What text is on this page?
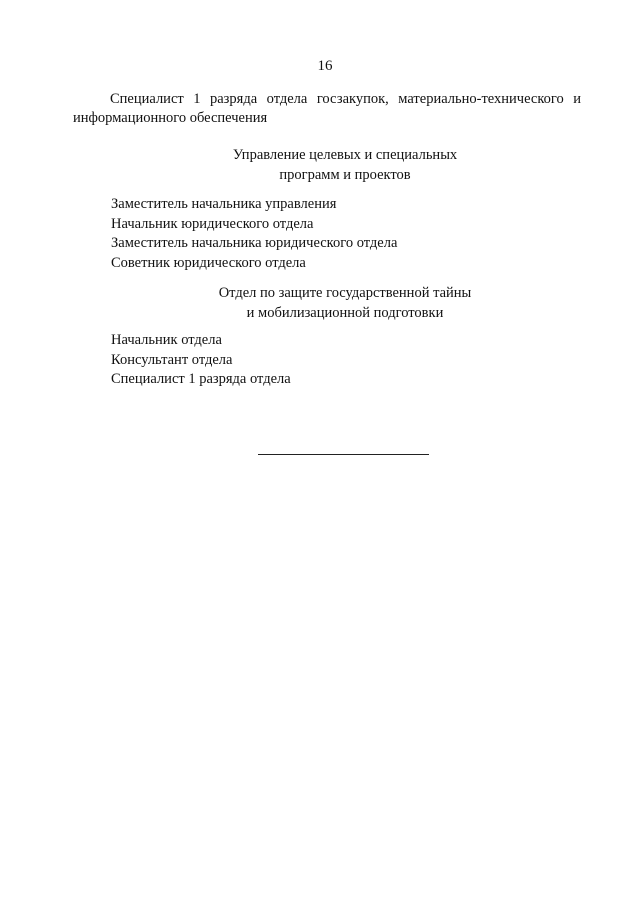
16
Специалист 1 разряда отдела госзакупок, материально-технического и
информационного обеспечения
Управление целевых и специальных
программ и проектов
Заместитель начальника управления
Начальник юридического отдела
Заместитель начальника юридического отдела
Советник юридического отдела
Отдел по защите государственной тайны
и мобилизационной подготовки
Начальник отдела
Консультант отдела
Специалист 1 разряда отдела
